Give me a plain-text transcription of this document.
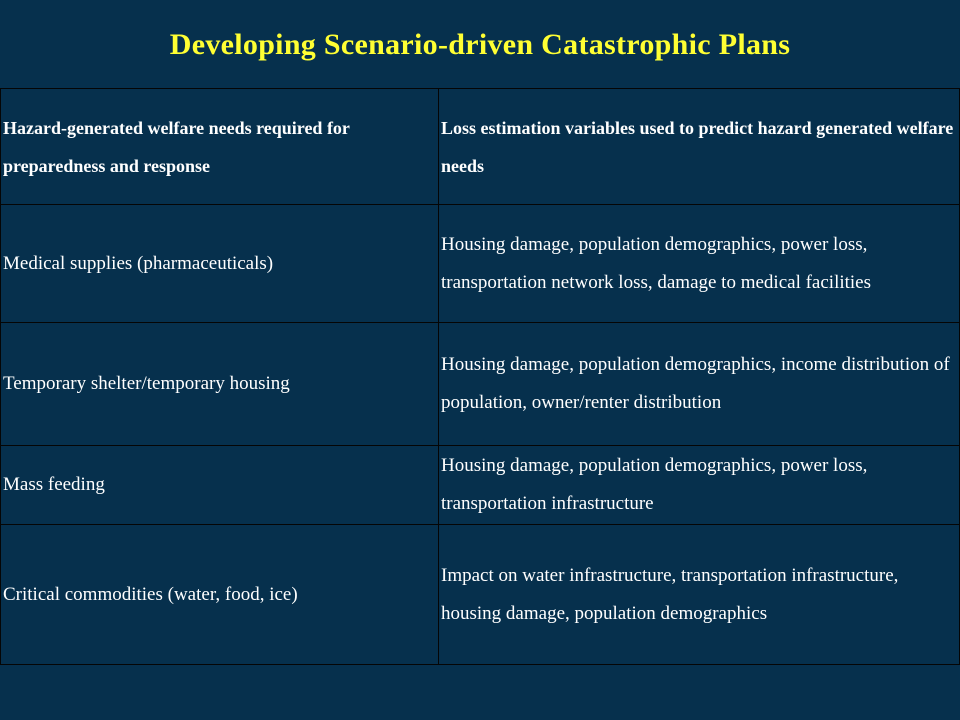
Developing Scenario-driven Catastrophic Plans
Hazard-generated welfare needs required for preparedness and response	Loss estimation variables used to predict hazard generated welfare needs
Medical supplies (pharmaceuticals)	Housing damage, population demographics, power loss, transportation network loss, damage to medical facilities
Temporary shelter/temporary housing	Housing damage, population demographics, income distribution of population, owner/renter distribution
Mass feeding	Housing damage, population demographics, power loss, transportation infrastructure
Critical commodities (water, food, ice)	Impact on water infrastructure, transportation infrastructure, housing damage, population demographics
